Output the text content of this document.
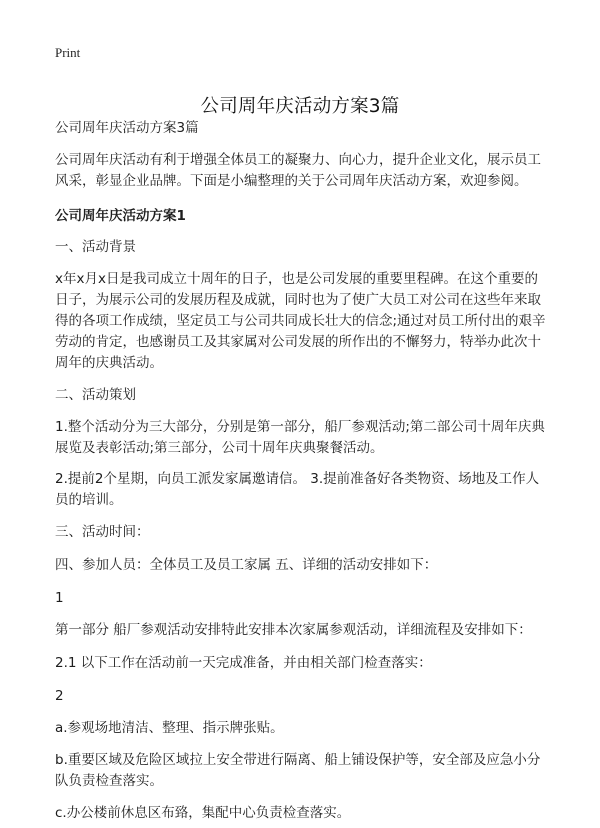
Print
公司周年庆活动方案3篇

公司周年庆活动方案3篇

公司周年庆活动有利于增强全体员工的凝聚力、向心力，提升企业文化，展示员工风采，彰显企业品牌。下面是小编整理的关于公司周年庆活动方案，欢迎参阅。

公司周年庆活动方案1

一、活动背景

x年x月x日是我司成立十周年的日子，也是公司发展的重要里程碑。在这个重要的日子，为展示公司的发展历程及成就，同时也为了使广大员工对公司在这些年来取得的各项工作成绩，坚定员工与公司共同成长壮大的信念;通过对员工所付出的艰辛劳动的肯定，也感谢员工及其家属对公司发展的所作出的不懈努力，特举办此次十周年的庆典活动。

二、活动策划

1.整个活动分为三大部分，分别是第一部分，船厂参观活动;第二部公司十周年庆典展览及表彰活动;第三部分，公司十周年庆典聚餐活动。

2.提前2个星期，向员工派发家属邀请信。 3.提前准备好各类物资、场地及工作人员的培训。

三、活动时间：

四、参加人员：全体员工及员工家属 五、详细的活动安排如下：

1

第一部分 船厂参观活动安排特此安排本次家属参观活动，详细流程及安排如下：

2.1 以下工作在活动前一天完成准备，并由相关部门检查落实：

2

a.参观场地清洁、整理、指示牌张贴。

b.重要区域及危险区域拉上安全带进行隔离、船上铺设保护等，安全部及应急小分队负责检查落实。

c.办公楼前休息区布臵，集配中心负责检查落实。
